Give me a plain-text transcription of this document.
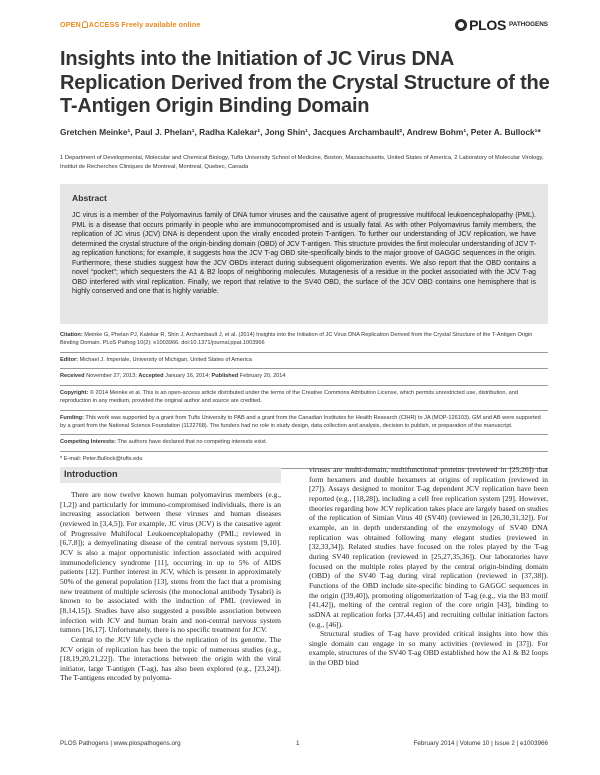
OPEN ACCESS Freely available online	PLOS PATHOGENS
Insights into the Initiation of JC Virus DNA Replication Derived from the Crystal Structure of the T-Antigen Origin Binding Domain
Gretchen Meinke¹, Paul J. Phelan¹, Radha Kalekar¹, Jong Shin¹, Jacques Archambault², Andrew Bohm¹, Peter A. Bullock¹*
1 Department of Developmental, Molecular and Chemical Biology, Tufts University School of Medicine, Boston, Massachusetts, United States of America, 2 Laboratory of Molecular Virology, Institut de Recherches Cliniques de Montreal, Montreal, Quebec, Canada
Abstract

JC virus is a member of the Polyomavirus family of DNA tumor viruses and the causative agent of progressive multifocal leukoencephalopathy (PML). PML is a disease that occurs primarily in people who are immunocompromised and is usually fatal. As with other Polyomavirus family members, the replication of JC virus (JCV) DNA is dependent upon the virally encoded protein T-antigen. To further our understanding of JCV replication, we have determined the crystal structure of the origin-binding domain (OBD) of JCV T-antigen. This structure provides the first molecular understanding of JCV T-ag replication functions; for example, it suggests how the JCV T-ag OBD site-specifically binds to the major groove of GAGGC sequences in the origin. Furthermore, these studies suggest how the JCV OBDs interact during subsequent oligomerization events. We also report that the OBD contains a novel “pocket”; which sequesters the A1 & B2 loops of neighboring molecules. Mutagenesis of a residue in the pocket associated with the JCV T-ag OBD interfered with viral replication. Finally, we report that relative to the SV40 OBD, the surface of the JCV OBD contains one hemisphere that is highly conserved and one that is highly variable.

Citation: Meinke G, Phelan PJ, Kalekar R, Shin J, Archambault J, et al. (2014) Insights into the Initiation of JC Virus DNA Replication Derived from the Crystal Structure of the T-Antigen Origin Binding Domain. PLoS Pathog 10(2): e1003966. doi:10.1371/journal.ppat.1003966

Editor: Michael J. Imperiale, University of Michigan, United States of America

Received November 27, 2013; Accepted January 16, 2014; Published February 20, 2014

Copyright: © 2014 Meinke et al. This is an open-access article distributed under the terms of the Creative Commons Attribution License, which permits unrestricted use, distribution, and reproduction in any medium, provided the original author and source are credited.

Funding: This work was supported by a grant from Tufts University to PAB and a grant from the Canadian Institutes for Health Research (CIHR) to JA (MOP-126103). GM and AB were supported by a grant from the National Science Foundation (1122768). The funders had no role in study design, data collection and analysis, decision to publish, or preparation of the manuscript.

Competing Interests: The authors have declared that no competing interests exist.

* E-mail: Peter.Bullock@tufts.edu

Introduction

There are now twelve known human polyomavirus members (e.g., [1,2]) and particularly for immuno-compromised individuals, there is an increasing association between these viruses and human diseases (reviewed in [3,4,5]). For example, JC virus (JCV) is the causative agent of Progressive Multifocal Leukoencephalopathy (PML; reviewed in [6,7,8]); a demyelinating disease of the central nervous system [9,10]. JCV is also a major opportunistic infection associated with acquired immunodeficiency syndrome [11], occurring in up to 5% of AIDS patients [12]. Further interest in JCV, which is present in approximately 50% of the general population [13], stems from the fact that a promising new treatment of multiple sclerosis (the monoclonal antibody Tysabri) is known to be associated with the induction of PML (reviewed in [8,14,15]). Studies have also suggested a possible association between infection with JCV and human brain and non-central nervous system tumors [16,17]. Unfortunately, there is no specific treatment for JCV.

Central to the JCV life cycle is the replication of its genome. The JCV origin of replication has been the topic of numerous studies (e.g., [18,19,20,21,22]). The interactions between the origin with the viral initiator, large T-antigen (T-ag), has also been explored (e.g., [23,24]). The T-antigens encoded by polyoma-

viruses are multi-domain, multifunctional proteins (reviewed in [25,26]) that form hexamers and double hexamers at origins of replication (reviewed in [27]). Assays designed to monitor T-ag dependent JCV replication have been reported (e.g., [18,28]), including a cell free replication system [29]. However, theories regarding how JCV replication takes place are largely based on studies of the replication of Simian Virus 40 (SV40) (reviewed in [26,30,31,32]). For example, an in depth understanding of the enzymology of SV40 DNA replication was obtained following many elegant studies (reviewed in [32,33,34]). Related studies have focused on the roles played by the T-ag during SV40 replication (reviewed in [25,27,35,36]). Our laboratories have focused on the multiple roles played by the central origin-binding domain (OBD) of the SV40 T-ag during viral replication (reviewed in [37,38]). Functions of the OBD include site-specific binding to GAGGC sequences in the origin ([39,40]), promoting oligomerization of T-ag (e.g., via the B3 motif [41,42]), melting of the central region of the core origin [43], binding to ssDNA at replication forks [37,44,45] and recruiting cellular initiation factors (e.g., [46]).

Structural studies of T-ag have provided critical insights into how this single domain can engage in so many activities (reviewed in [37]). For example, structures of the SV40 T-ag OBD established how the A1 & B2 loops in the OBD bind

PLOS Pathogens | www.plospathogens.org	1	February 2014 | Volume 10 | Issue 2 | e1003966
